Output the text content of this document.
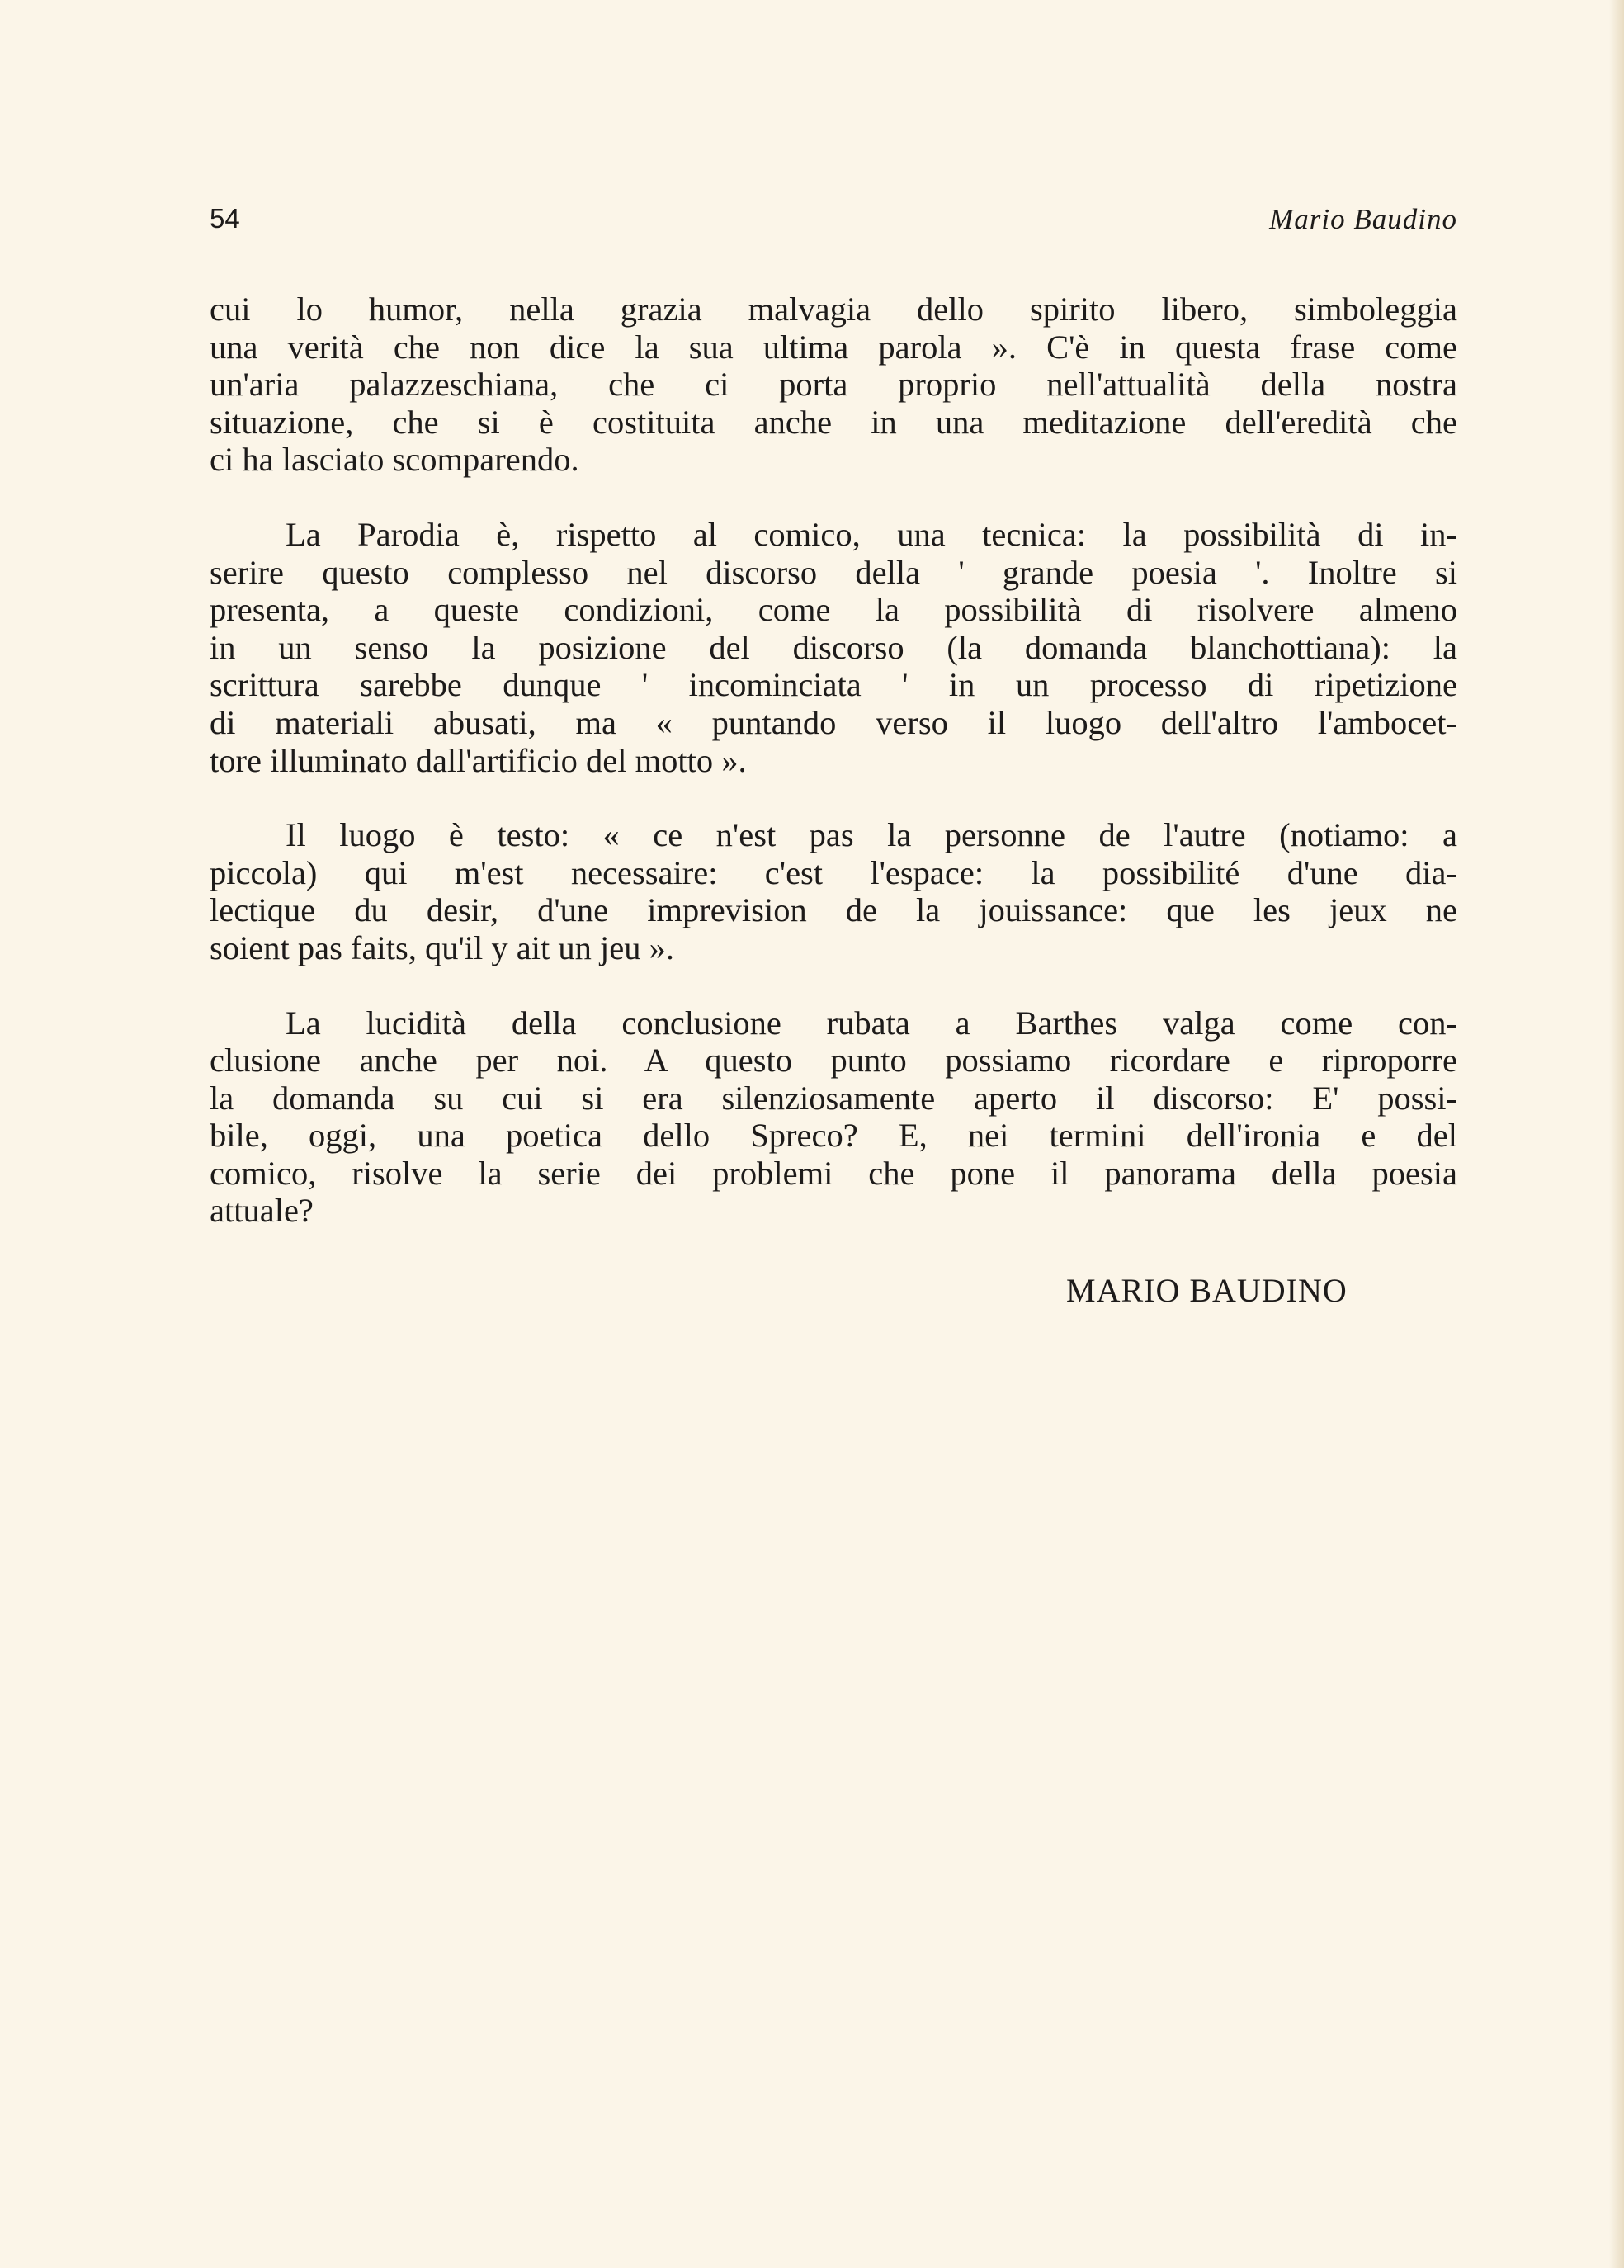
54	Mario Baudino
cui lo humor, nella grazia malvagia dello spirito libero, simboleggia
una verità che non dice la sua ultima parola ». C'è in questa frase come
un'aria palazzeschiana, che ci porta proprio nell'attualità della nostra
situazione, che si è costituita anche in una meditazione dell'eredità che
ci ha lasciato scomparendo.
La Parodia è, rispetto al comico, una tecnica: la possibilità di in-
serire questo complesso nel discorso della ' grande poesia '. Inoltre si
presenta, a queste condizioni, come la possibilità di risolvere almeno
in un senso la posizione del discorso (la domanda blanchottiana): la
scrittura sarebbe dunque ' incominciata ' in un processo di ripetizione
di materiali abusati, ma « puntando verso il luogo dell'altro l'ambocet-
tore illuminato dall'artificio del motto ».
Il luogo è testo: « ce n'est pas la personne de l'autre (notiamo: a
piccola) qui m'est necessaire: c'est l'espace: la possibilité d'une dia-
lectique du desir, d'une imprevision de la jouissance: que les jeux ne
soient pas faits, qu'il y ait un jeu ».
La lucidità della conclusione rubata a Barthes valga come con-
clusione anche per noi. A questo punto possiamo ricordare e riproporre
la domanda su cui si era silenziosamente aperto il discorso: E' possi-
bile, oggi, una poetica dello Spreco? E, nei termini dell'ironia e del
comico, risolve la serie dei problemi che pone il panorama della poesia
attuale?
MARIO BAUDINO
